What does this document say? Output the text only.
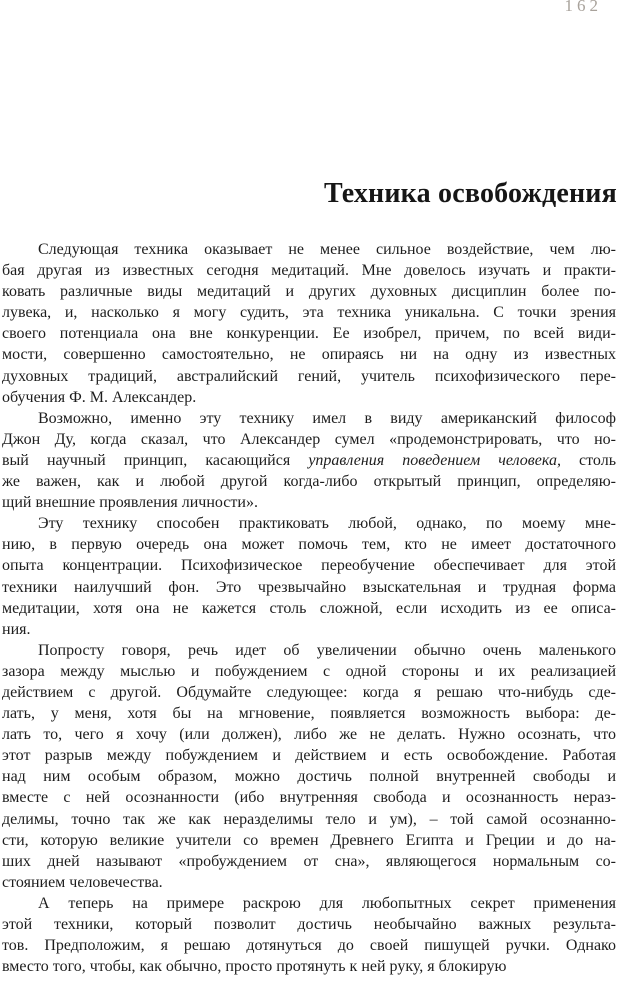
162
Техника освобождения
Следующая техника оказывает не менее сильное воздействие, чем лю-
бая другая из известных сегодня медитаций. Мне довелось изучать и практи-
ковать различные виды медитаций и других духовных дисциплин более по-
лувека, и, насколько я могу судить, эта техника уникальна. С точки зрения
своего потенциала она вне конкуренции. Ее изобрел, причем, по всей види-
мости, совершенно самостоятельно, не опираясь ни на одну из известных
духовных традиций, австралийский гений, учитель психофизического пере-
обучения Ф. М. Александер.
Возможно, именно эту технику имел в виду американский философ
Джон Ду, когда сказал, что Александер сумел «продемонстрировать, что но-
вый научный принцип, касающийся управления поведением человека, столь
же важен, как и любой другой когда-либо открытый принцип, определяю-
щий внешние проявления личности».
Эту технику способен практиковать любой, однако, по моему мне-
нию, в первую очередь она может помочь тем, кто не имеет достаточного
опыта концентрации. Психофизическое переобучение обеспечивает для этой
техники наилучший фон. Это чрезвычайно взыскательная и трудная форма
медитации, хотя она не кажется столь сложной, если исходить из ее описа-
ния.
Попросту говоря, речь идет об увеличении обычно очень маленького
зазора между мыслью и побуждением с одной стороны и их реализацией
действием с другой. Обдумайте следующее: когда я решаю что-нибудь сде-
лать, у меня, хотя бы на мгновение, появляется возможность выбора: де-
лать то, чего я хочу (или должен), либо же не делать. Нужно осознать, что
этот разрыв между побуждением и действием и есть освобождение. Работая
над ним особым образом, можно достичь полной внутренней свободы и
вместе с ней осознанности (ибо внутренняя свобода и осознанность нераз-
делимы, точно так же как неразделимы тело и ум), – той самой осознанно-
сти, которую великие учители со времен Древнего Египта и Греции и до на-
ших дней называют «пробуждением от сна», являющегося нормальным со-
стоянием человечества.
А теперь на примере раскрою для любопытных секрет применения
этой техники, который позволит достичь необычайно важных результа-
тов. Предположим, я решаю дотянуться до своей пишущей ручки. Однако
вместо того, чтобы, как обычно, просто протянуть к ней руку, я блокирую
